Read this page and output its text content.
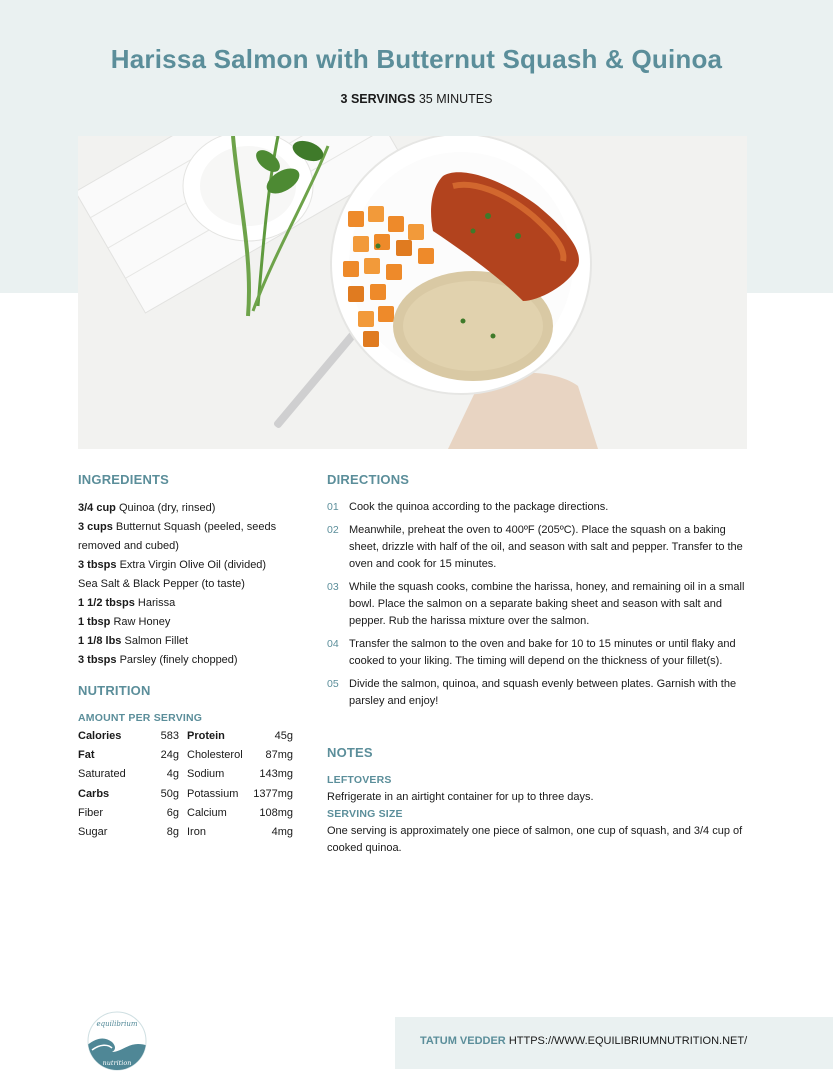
Harissa Salmon with Butternut Squash & Quinoa
3 SERVINGS 35 MINUTES
INGREDIENTS
3/4 cup Quinoa (dry, rinsed)
3 cups Butternut Squash (peeled, seeds removed and cubed)
3 tbsps Extra Virgin Olive Oil (divided)
Sea Salt & Black Pepper (to taste)
1 1/2 tbsps Harissa
1 tbsp Raw Honey
1 1/8 lbs Salmon Fillet
3 tbsps Parsley (finely chopped)
NUTRITION
AMOUNT PER SERVING
Calories	583 Protein	45g
Fat	24g Cholesterol 87mg
Saturated	4g Sodium	143mg
Carbs	50g Potassium 1377mg
Fiber	6g Calcium	108mg
Sugar	8g Iron	4mg
DIRECTIONS
01 Cook the quinoa according to the package directions.
02 Meanwhile, preheat the oven to 400ºF (205ºC). Place the squash on a baking sheet, drizzle with half of the oil, and season with salt and pepper. Transfer to the oven and cook for 15 minutes.
03 While the squash cooks, combine the harissa, honey, and remaining oil in a small bowl. Place the salmon on a separate baking sheet and season with salt and pepper. Rub the harissa mixture over the salmon.
04 Transfer the salmon to the oven and bake for 10 to 15 minutes or until flaky and cooked to your liking. The timing will depend on the thickness of your fillet(s).
05 Divide the salmon, quinoa, and squash evenly between plates. Garnish with the parsley and enjoy!
NOTES
LEFTOVERS
Refrigerate in an airtight container for up to three days.
SERVING SIZE
One serving is approximately one piece of salmon, one cup of squash, and 3/4 cup of cooked quinoa.
TATUM VEDDER HTTPS://WWW.EQUILIBRIUMNUTRITION.NET/
equilibrium
nutrition
